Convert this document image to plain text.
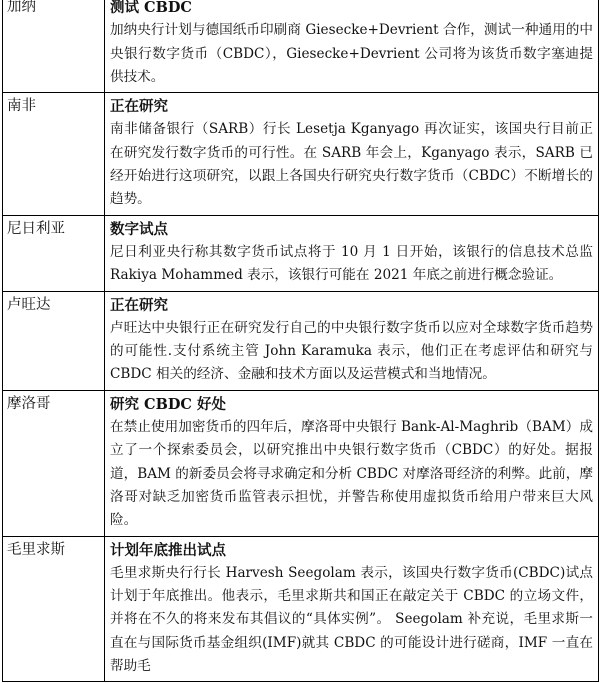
加纳	测试 CBDC
加纳央行计划与德国纸币印刷商 Giesecke+Devrient 合作，测试一种通用的中央银行数字货币（CBDC），Giesecke+Devrient 公司将为该货币数字塞迪提供技术。

南非	正在研究
南非储备银行（SARB）行长 Lesetja Kganyago 再次证实，该国央行目前正在研究发行数字货币的可行性。在 SARB 年会上，Kganyago 表示，SARB 已经开始进行这项研究，以跟上各国央行研究央行数字货币（CBDC）不断增长的趋势。

尼日利亚	数字试点
尼日利亚央行称其数字货币试点将于 10 月 1 日开始，该银行的信息技术总监 Rakiya Mohammed 表示，该银行可能在 2021 年底之前进行概念验证。

卢旺达	正在研究
卢旺达中央银行正在研究发行自己的中央银行数字货币以应对全球数字货币趋势的可能性.支付系统主管 John Karamuka 表示，他们正在考虑评估和研究与 CBDC 相关的经济、金融和技术方面以及运营模式和当地情况。

摩洛哥	研究 CBDC 好处
在禁止使用加密货币的四年后，摩洛哥中央银行 Bank-Al-Maghrib（BAM）成立了一个探索委员会，以研究推出中央银行数字货币（CBDC）的好处。据报道，BAM 的新委员会将寻求确定和分析 CBDC 对摩洛哥经济的利弊。此前，摩洛哥对缺乏加密货币监管表示担忧，并警告称使用虚拟货币给用户带来巨大风险。

毛里求斯	计划年底推出试点
毛里求斯央行行长 Harvesh Seegolam 表示，该国央行数字货币(CBDC)试点计划于年底推出。他表示，毛里求斯共和国正在敲定关于 CBDC 的立场文件，并将在不久的将来发布其倡议的“具体实例”。 Seegolam 补充说，毛里求斯一直在与国际货币基金组织(IMF)就其 CBDC 的可能设计进行磋商，IMF 一直在帮助毛
